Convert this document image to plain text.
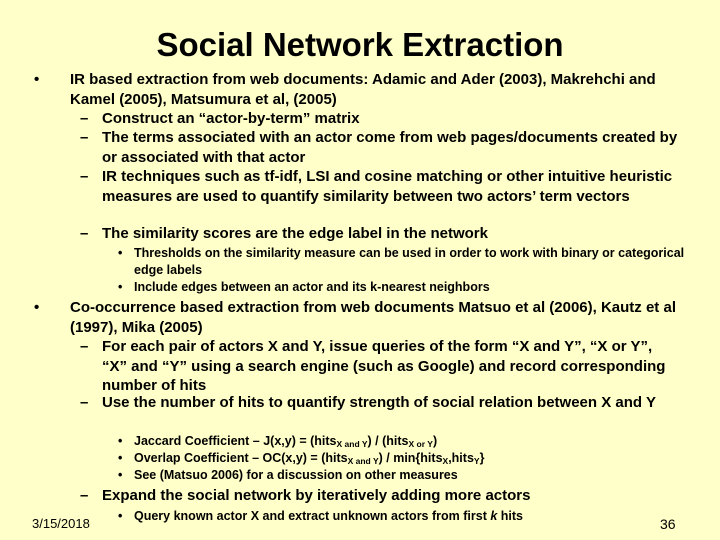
Social Network Extraction
• IR based extraction from web documents: Adamic and Ader (2003), Makrehchi and Kamel (2005), Matsumura et al, (2005)

– Construct an “actor-by-term” matrix

– The terms associated with an actor come from web pages/documents created by or associated with that actor

– IR techniques such as tf-idf, LSI and cosine matching or other intuitive heuristic measures are used to quantify similarity between two actors’ term vectors

– The similarity scores are the edge label in the network

• Thresholds on the similarity measure can be used in order to work with binary or categorical edge labels

• Include edges between an actor and its k-nearest neighbors

• Co-occurrence based extraction from web documents Matsuo et al (2006), Kautz et al (1997), Mika (2005)

– For each pair of actors X and Y, issue queries of the form “X and Y”, “X or Y”, “X” and “Y” using a search engine (such as Google) and record corresponding number of hits

– Use the number of hits to quantify strength of social relation between X and Y

• Jaccard Coefficient – J(x,y) = (hits$_{X and Y}$) / (hits$_{X or Y}$)

• Overlap Coefficient – OC(x,y) = (hits$_{X and Y}$) / min{hits$_X$,hits$_Y$}

• See (Matsuo 2006) for a discussion on other measures

– Expand the social network by iteratively adding more actors

• Query known actor X and extract unknown actors from first k hits

3/15/2018	36
